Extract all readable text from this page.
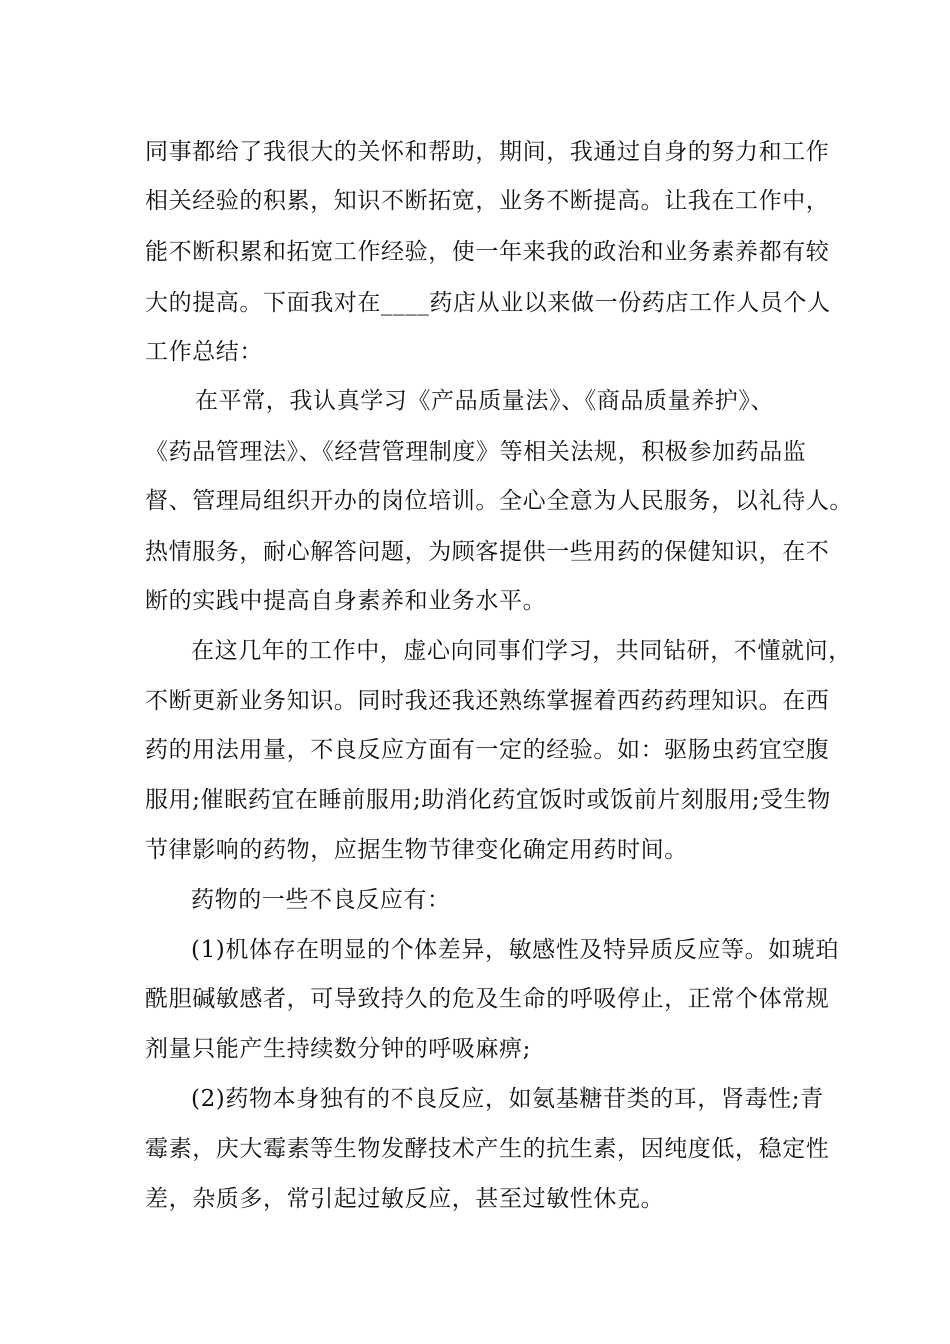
同事都给了我很大的关怀和帮助，期间，我通过自身的努力和工作
相关经验的积累，知识不断拓宽，业务不断提高。让我在工作中，
能不断积累和拓宽工作经验，使一年来我的政治和业务素养都有较
大的提高。下面我对在____药店从业以来做一份药店工作人员个人
工作总结：
在平常，我认真学习《产品质量法》、《商品质量养护》、
《药品管理法》、《经营管理制度》等相关法规，积极参加药品监
督、管理局组织开办的岗位培训。全心全意为人民服务，以礼待人。
热情服务，耐心解答问题，为顾客提供一些用药的保健知识，在不
断的实践中提高自身素养和业务水平。
在这几年的工作中，虚心向同事们学习，共同钻研，不懂就问，
不断更新业务知识。同时我还我还熟练掌握着西药药理知识。在西
药的用法用量，不良反应方面有一定的经验。如：驱肠虫药宜空腹
服用;催眠药宜在睡前服用;助消化药宜饭时或饭前片刻服用;受生物
节律影响的药物，应据生物节律变化确定用药时间。
药物的一些不良反应有：
(1)机体存在明显的个体差异，敏感性及特异质反应等。如琥珀
酰胆碱敏感者，可导致持久的危及生命的呼吸停止，正常个体常规
剂量只能产生持续数分钟的呼吸麻痹;
(2)药物本身独有的不良反应，如氨基糖苷类的耳，肾毒性;青
霉素，庆大霉素等生物发酵技术产生的抗生素，因纯度低，稳定性
差，杂质多，常引起过敏反应，甚至过敏性休克。
